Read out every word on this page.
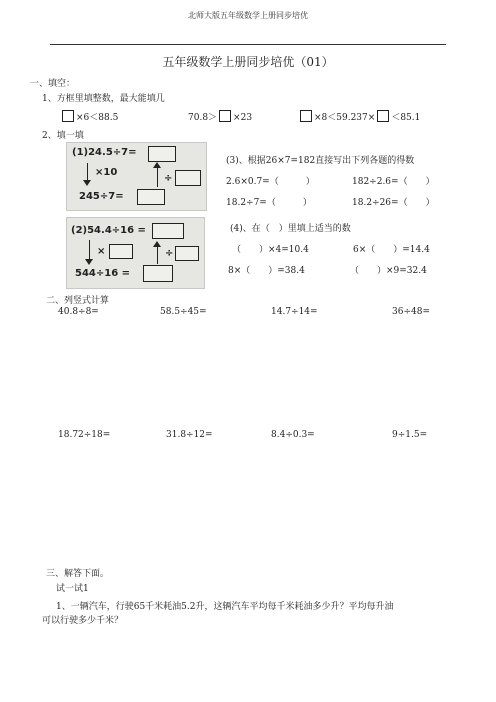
北师大版五年级数学上册同步培优
五年级数学上册同步培优（01）
一、填空：
1、方框里填整数，最大能填几
×6＜88.5	70.8＞ ×23	×8＜59.237× ＜85.1
2、填一填
(1)24.5÷7=
×10
÷
245÷7=
(2)54.4÷16 =
×	÷
544÷16 =
(3)、根据26×7=182直接写出下列各题的得数
2.6×0.7=（　　　）	182÷2.6=（　　）
18.2÷7=（　　　）	18.2÷26=（　　）
(4)、在（　）里填上适当的数
（　　）×4=10.4	6×（　　）=14.4
8×（　　）=38.4	（　　）×9=32.4
二、列竖式计算
40.8÷8=	58.5÷45=	14.7÷14=	36÷48=
18.72÷18=	31.8÷12=	8.4÷0.3=	9÷1.5=
三、解答下面。
试一试1
1、一辆汽车，行驶65千米耗油5.2升，这辆汽车平均每千米耗油多少升？平均每升油
可以行驶多少千米？
